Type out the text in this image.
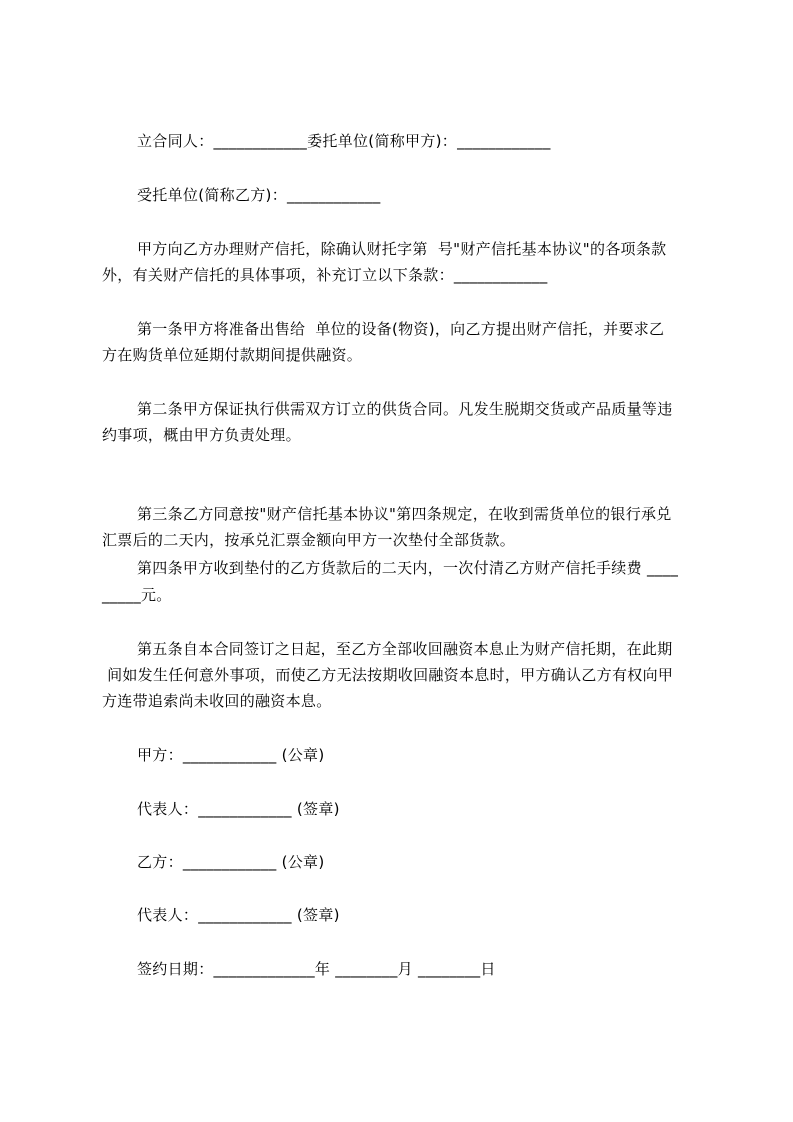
立合同人：____________委托单位(简称甲方)：____________
受托单位(简称乙方)：____________
甲方向乙方办理财产信托，除确认财托字第  号"财产信托基本协议"的各项条款
外，有关财产信托的具体事项，补充订立以下条款：____________
第一条甲方将准备出售给  单位的设备(物资)，向乙方提出财产信托，并要求乙
方在购货单位延期付款期间提供融资。
第二条甲方保证执行供需双方订立的供货合同。凡发生脱期交货或产品质量等违
约事项，概由甲方负责处理。
第三条乙方同意按"财产信托基本协议"第四条规定，在收到需货单位的银行承兑
汇票后的二天内，按承兑汇票金额向甲方一次垫付全部货款。
第四条甲方收到垫付的乙方货款后的二天内，一次付清乙方财产信托手续费 ____
_____元。
第五条自本合同签订之日起，至乙方全部收回融资本息止为财产信托期，在此期
间如发生任何意外事项，而使乙方无法按期收回融资本息时，甲方确认乙方有权向甲
方连带追索尚未收回的融资本息。
甲方：____________ (公章)
代表人：____________ (签章)
乙方：____________ (公章)
代表人：____________ (签章)
签约日期：_____________年 ________月 ________日
